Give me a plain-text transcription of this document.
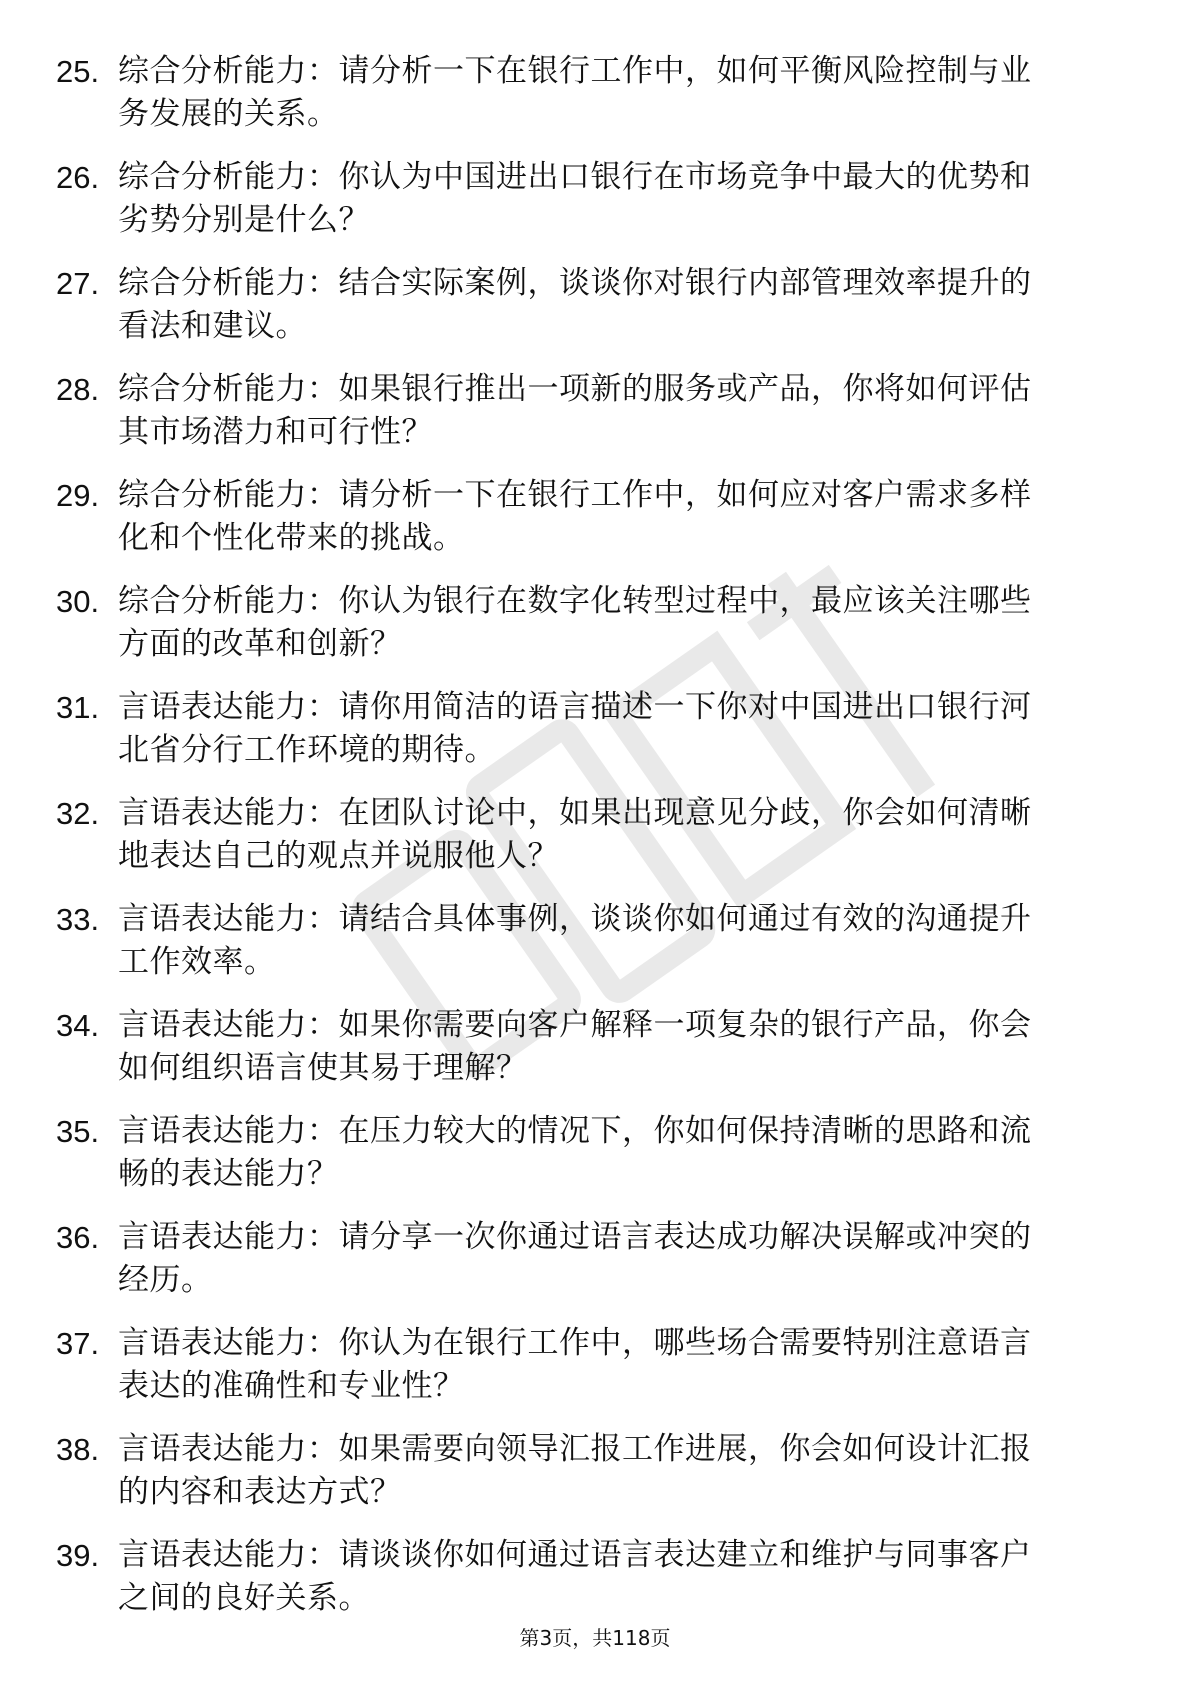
25. 综合分析能力：请分析一下在银行工作中，如何平衡风险控制与业务发展的关系。
26. 综合分析能力：你认为中国进出口银行在市场竞争中最大的优势和劣势分别是什么？
27. 综合分析能力：结合实际案例，谈谈你对银行内部管理效率提升的看法和建议。
28. 综合分析能力：如果银行推出一项新的服务或产品，你将如何评估其市场潜力和可行性？
29. 综合分析能力：请分析一下在银行工作中，如何应对客户需求多样化和个性化带来的挑战。
30. 综合分析能力：你认为银行在数字化转型过程中，最应该关注哪些方面的改革和创新？
31. 言语表达能力：请你用简洁的语言描述一下你对中国进出口银行河北省分行工作环境的期待。
32. 言语表达能力：在团队讨论中，如果出现意见分歧，你会如何清晰地表达自己的观点并说服他人？
33. 言语表达能力：请结合具体事例，谈谈你如何通过有效的沟通提升工作效率。
34. 言语表达能力：如果你需要向客户解释一项复杂的银行产品，你会如何组织语言使其易于理解？
35. 言语表达能力：在压力较大的情况下，你如何保持清晰的思路和流畅的表达能力？
36. 言语表达能力：请分享一次你通过语言表达成功解决误解或冲突的经历。
37. 言语表达能力：你认为在银行工作中，哪些场合需要特别注意语言表达的准确性和专业性？
38. 言语表达能力：如果需要向领导汇报工作进展，你会如何设计汇报的内容和表达方式？
39. 言语表达能力：请谈谈你如何通过语言表达建立和维护与同事客户之间的良好关系。
第3页，共118页
